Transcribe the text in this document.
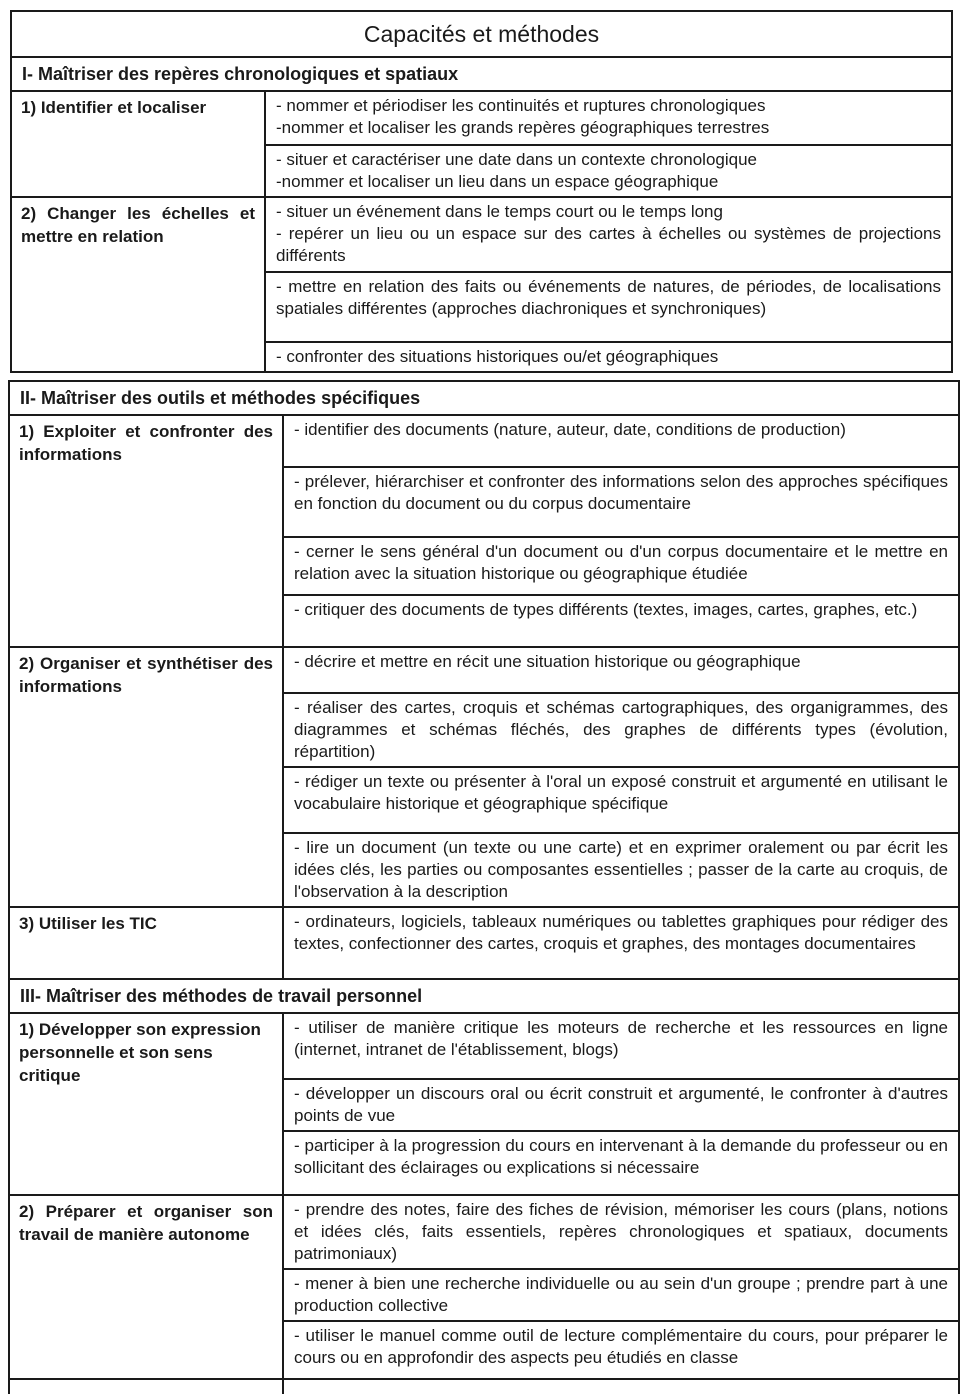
Capacités et méthodes
I- Maîtriser des repères chronologiques et spatiaux
1) Identifier et localiser	- nommer et périodiser les continuités et ruptures chronologiques

-nommer et localiser les grands repères géographiques terrestres

- situer et caractériser une date dans un contexte chronologique

-nommer et localiser un lieu dans un espace géographique

2) Changer les échelles et mettre en relation

- situer un événement dans le temps court ou le temps long

- repérer un lieu ou un espace sur des cartes à échelles ou systèmes de projections différents

- mettre en relation des faits ou événements de natures, de périodes, de localisations spatiales différentes (approches diachroniques et synchroniques)

- confronter des situations historiques ou/et géographiques

II- Maîtriser des outils et méthodes spécifiques
1) Exploiter et confronter des informations

- identifier des documents (nature, auteur, date, conditions de production)

- prélever, hiérarchiser et confronter des informations selon des approches spécifiques en fonction du document ou du corpus documentaire

- cerner le sens général d'un document ou d'un corpus documentaire et le mettre en relation avec la situation historique ou géographique étudiée

- critiquer des documents de types différents (textes, images, cartes, graphes, etc.)

2) Organiser et synthétiser des informations

- décrire et mettre en récit une situation historique ou géographique

- réaliser des cartes, croquis et schémas cartographiques, des organigrammes, des diagrammes et schémas fléchés, des graphes de différents types (évolution, répartition)

- rédiger un texte ou présenter à l'oral un exposé construit et argumenté en utilisant le vocabulaire historique et géographique spécifique

- lire un document (un texte ou une carte) et en exprimer oralement ou par écrit les idées clés, les parties ou composantes essentielles ; passer de la carte au croquis, de l'observation à la description

3) Utiliser les TIC	- ordinateurs, logiciels, tableaux numériques ou tablettes graphiques pour rédiger des textes, confectionner des cartes, croquis et graphes, des montages documentaires

III- Maîtriser des méthodes de travail personnel
1) Développer son expression personnelle et son sens critique

- utiliser de manière critique les moteurs de recherche et les ressources en ligne (internet, intranet de l'établissement, blogs)

- développer un discours oral ou écrit construit et argumenté, le confronter à d'autres points de vue

- participer à la progression du cours en intervenant à la demande du professeur ou en sollicitant des éclairages ou explications si nécessaire

2) Préparer et organiser son travail de manière autonome

- prendre des notes, faire des fiches de révision, mémoriser les cours (plans, notions et idées clés, faits essentiels, repères chronologiques et spatiaux, documents patrimoniaux)

- mener à bien une recherche individuelle ou au sein d'un groupe ; prendre part à une production collective

- utiliser le manuel comme outil de lecture complémentaire du cours, pour préparer le cours ou en approfondir des aspects peu étudiés en classe
